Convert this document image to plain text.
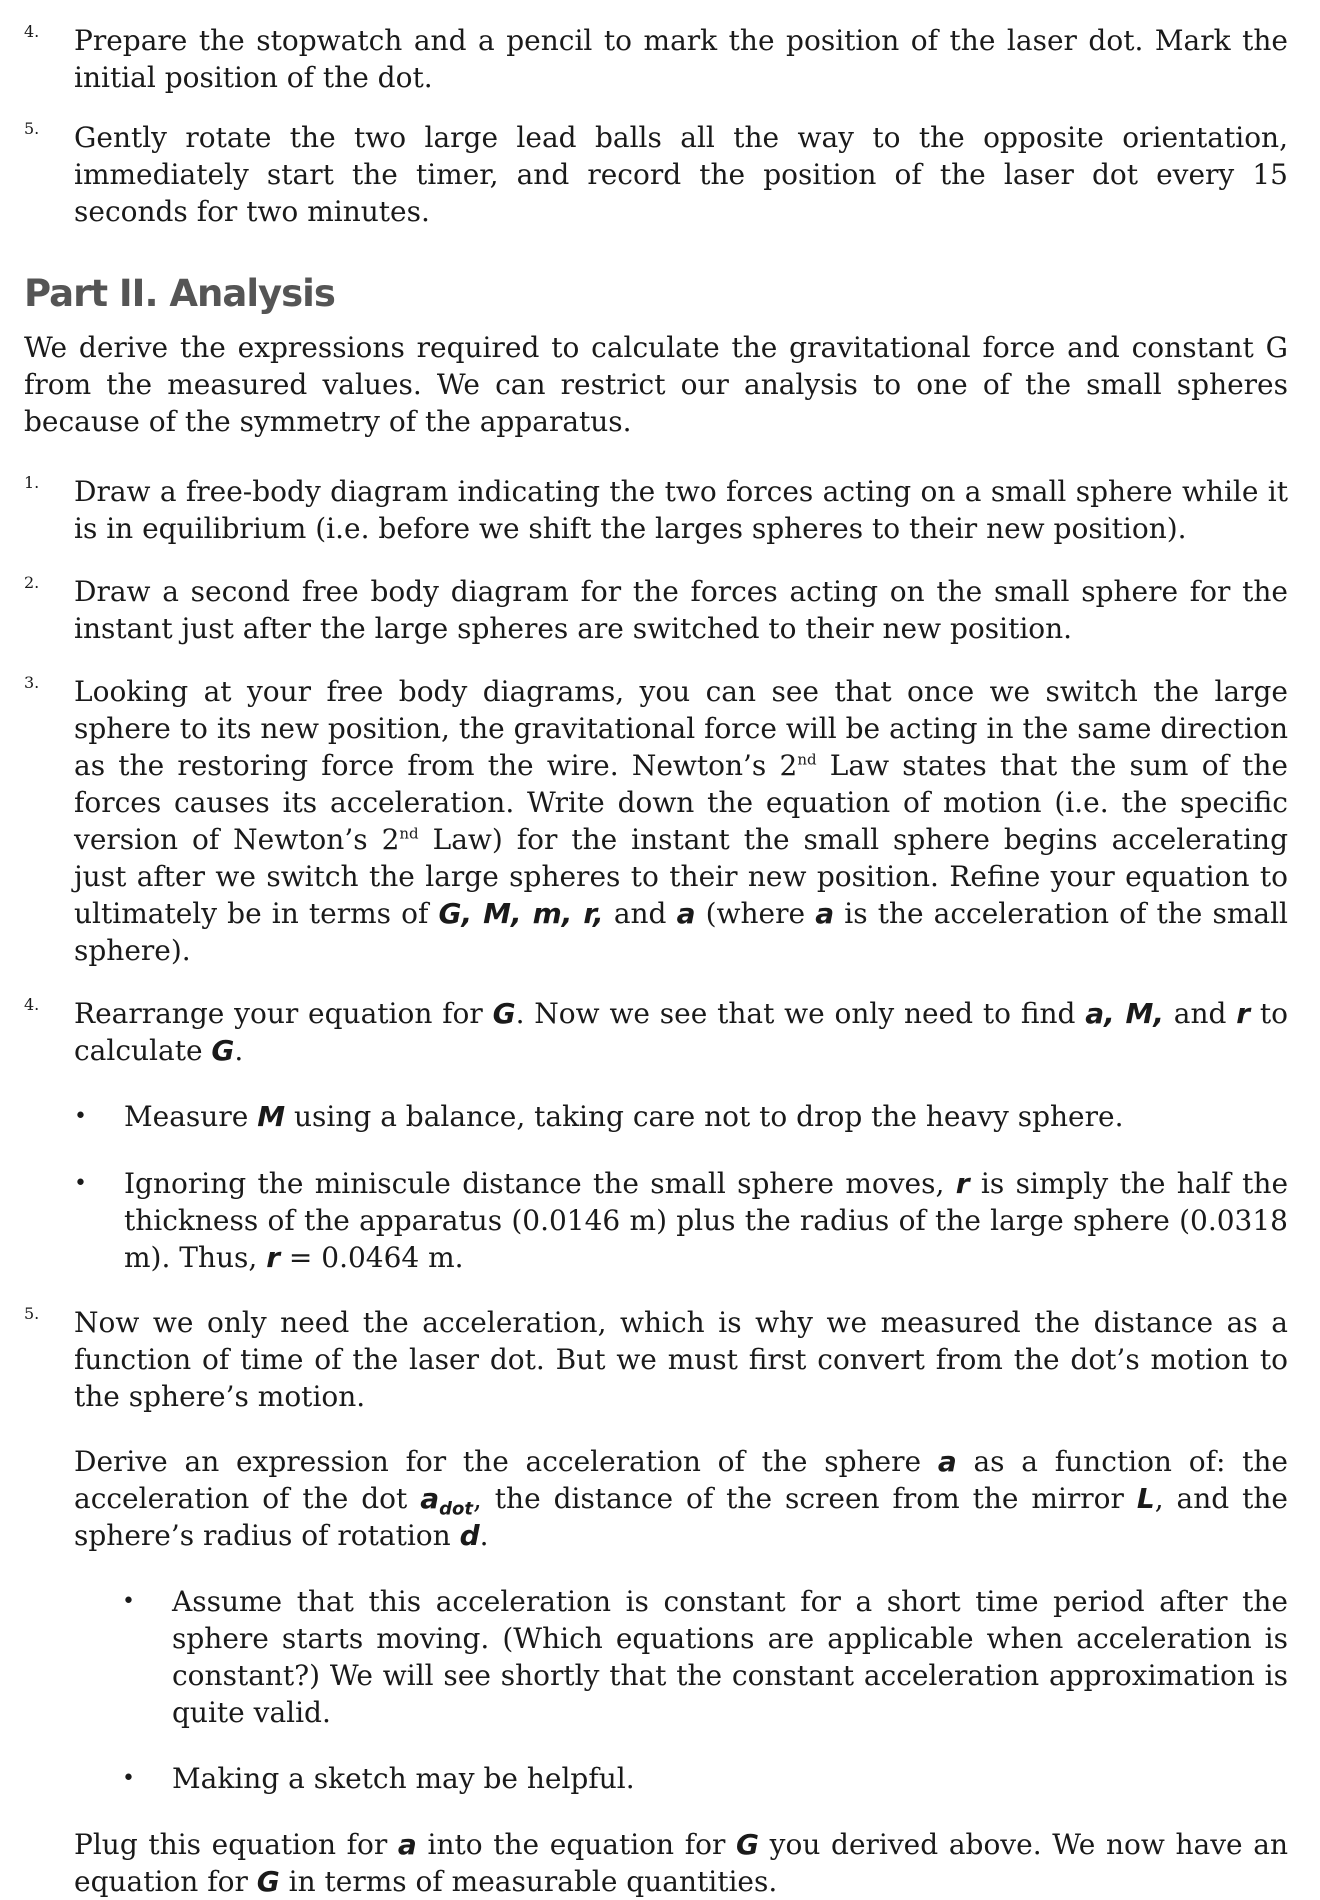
4.	Prepare the stopwatch and a pencil to mark the position of the laser dot. Mark the initial position of the dot.

5.	Gently rotate the two large lead balls all the way to the opposite orientation, immediately start the timer, and record the position of the laser dot every 15 seconds for two minutes.

Part II. Analysis

We derive the expressions required to calculate the gravitational force and constant G from the measured values. We can restrict our analysis to one of the small spheres because of the symmetry of the apparatus.

1.	Draw a free-body diagram indicating the two forces acting on a small sphere while it is in equilibrium (i.e. before we shift the larges spheres to their new position).

2.	Draw a second free body diagram for the forces acting on the small sphere for the instant just after the large spheres are switched to their new position.

3.	Looking at your free body diagrams, you can see that once we switch the large sphere to its new position, the gravitational force will be acting in the same direction as the restoring force from the wire. Newton’s 2nd Law states that the sum of the forces causes its acceleration. Write down the equation of motion (i.e. the specific version of Newton’s 2nd Law) for the instant the small sphere begins accelerating just after we switch the large spheres to their new position. Refine your equation to ultimately be in terms of G, M, m, r, and a (where a is the acceleration of the small sphere).

4.	Rearrange your equation for G. Now we see that we only need to find a, M, and r to calculate G.

• Measure M using a balance, taking care not to drop the heavy sphere.

• Ignoring the miniscule distance the small sphere moves, r is simply the half the thickness of the apparatus (0.0146 m) plus the radius of the large sphere (0.0318 m). Thus, r = 0.0464 m.

5.	Now we only need the acceleration, which is why we measured the distance as a function of time of the laser dot. But we must first convert from the dot’s motion to the sphere’s motion.

Derive an expression for the acceleration of the sphere a as a function of: the acceleration of the dot $a_{dot}$, the distance of the screen from the mirror L, and the sphere’s radius of rotation d.

• Assume that this acceleration is constant for a short time period after the sphere starts moving. (Which equations are applicable when acceleration is constant?) We will see shortly that the constant acceleration approximation is quite valid.

• Making a sketch may be helpful.

Plug this equation for a into the equation for G you derived above. We now have an equation for G in terms of measurable quantities.
